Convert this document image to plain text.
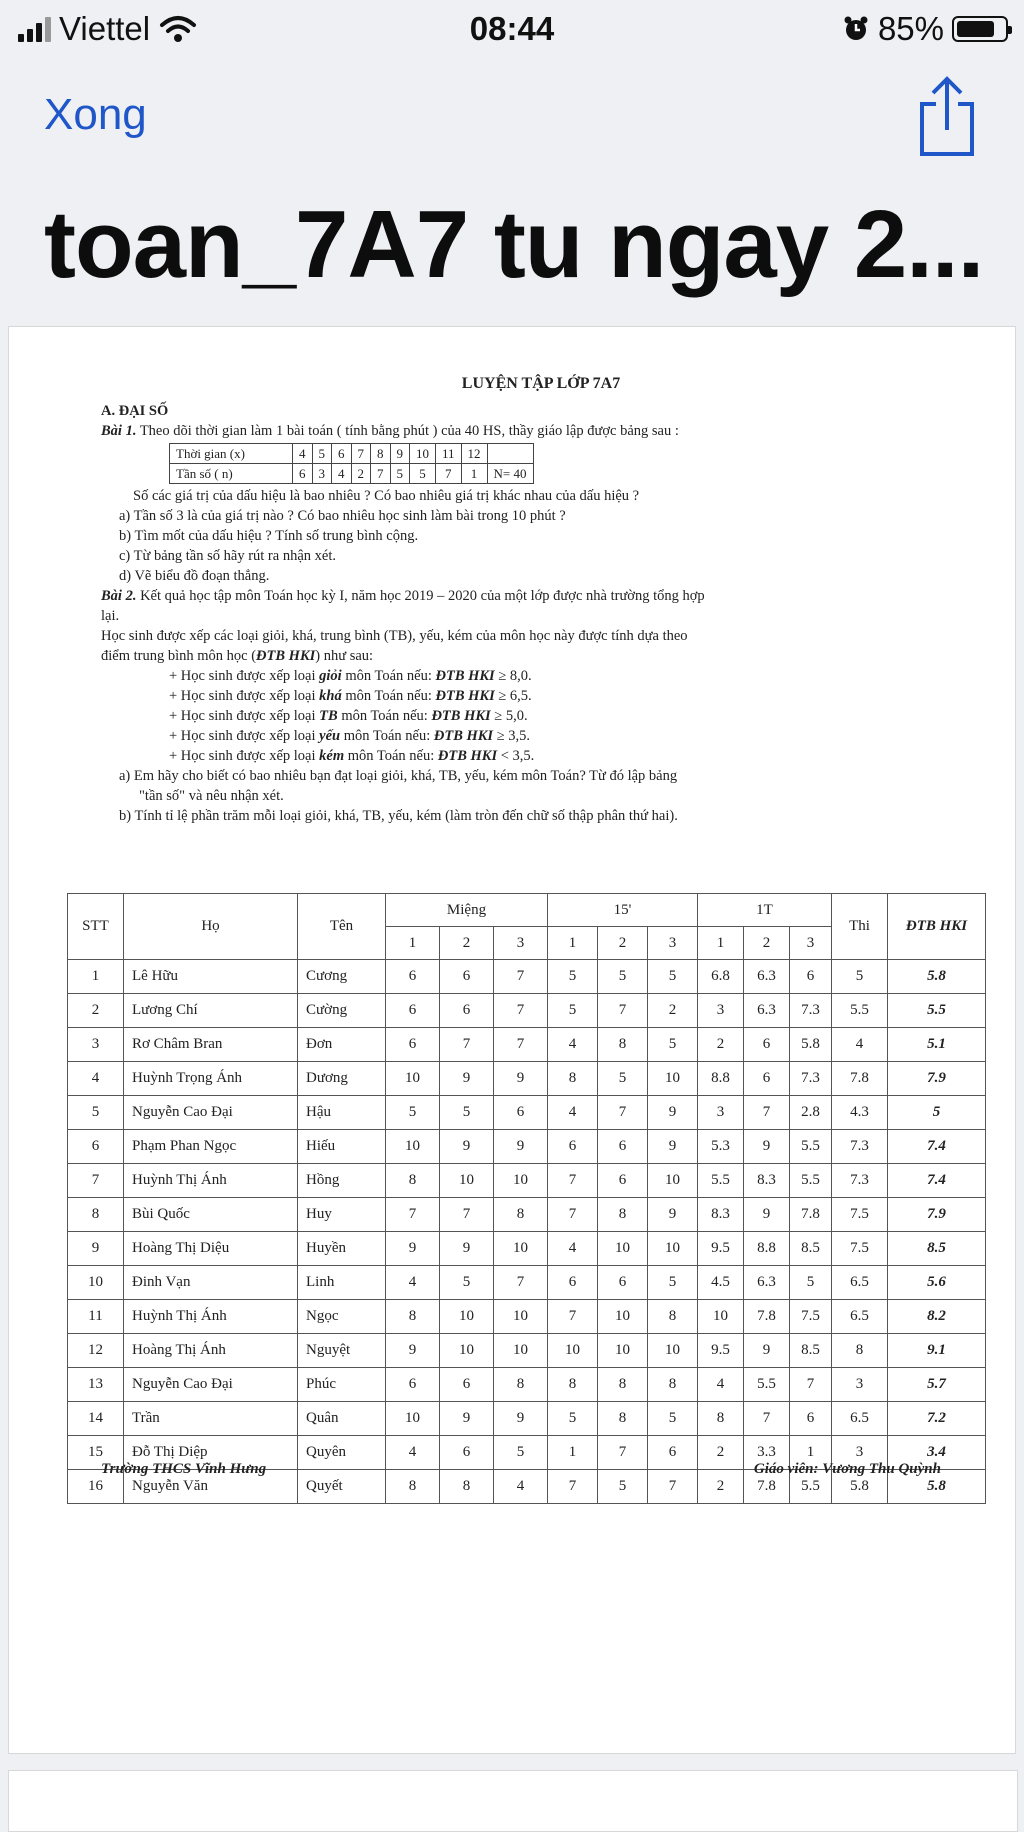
Viettel	08:44	85%
Xong
toan_7A7 tu ngay 2...
LUYỆN TẬP LỚP 7A7
A. ĐẠI SỐ
Bài 1. Theo dõi thời gian làm 1 bài toán ( tính bằng phút ) của 40 HS, thầy giáo lập được bảng sau :
Thời gian (x)	4	5	6	7	8	9	10	11	12	
Tần số ( n)	6	3	4	2	7	5	5	7	1	N= 40
Số các giá trị của dấu hiệu là bao nhiêu ? Có bao nhiêu giá trị khác nhau của dấu hiệu ?
a) Tần số 3 là của giá trị nào ? Có bao nhiêu học sinh làm bài trong 10 phút ?
b) Tìm mốt của dấu hiệu ? Tính số trung bình cộng.
c) Từ bảng tần số hãy rút ra nhận xét.
d) Vẽ biểu đồ đoạn thẳng.
Bài 2. Kết quả học tập môn Toán học kỳ I, năm học 2019 – 2020 của một lớp được nhà trường tổng hợp
lại.
Học sinh được xếp các loại giỏi, khá, trung bình (TB), yếu, kém của môn học này được tính dựa theo
điểm trung bình môn học (ĐTB HKI) như sau:
+ Học sinh được xếp loại giỏi môn Toán nếu: ĐTB HKI ≥ 8,0.
+ Học sinh được xếp loại khá môn Toán nếu: ĐTB HKI ≥ 6,5.
+ Học sinh được xếp loại TB môn Toán nếu: ĐTB HKI ≥ 5,0.
+ Học sinh được xếp loại yếu môn Toán nếu: ĐTB HKI ≥ 3,5.
+ Học sinh được xếp loại kém môn Toán nếu: ĐTB HKI < 3,5.
a) Em hãy cho biết có bao nhiêu bạn đạt loại giỏi, khá, TB, yếu, kém môn Toán? Từ đó lập bảng
"tần số" và nêu nhận xét.
b) Tính tỉ lệ phần trăm mỗi loại giỏi, khá, TB, yếu, kém (làm tròn đến chữ số thập phân thứ hai).
STT	Họ	Tên	Miệng			15'			1T			Thi	ĐTB HKI
			1	2	3	1	2	3	1	2	3		
1	Lê Hữu	Cương	6	6	7	5	5	5	6.8	6.3	6	5	5.8
2	Lương Chí	Cường	6	6	7	5	7	2	3	6.3	7.3	5.5	5.5
3	Rơ Châm Bran	Đơn	6	7	7	4	8	5	2	6	5.8	4	5.1
4	Huỳnh Trọng Ánh	Dương	10	9	9	8	5	10	8.8	6	7.3	7.8	7.9
5	Nguyễn Cao Đại	Hậu	5	5	6	4	7	9	3	7	2.8	4.3	5
6	Phạm Phan Ngọc	Hiếu	10	9	9	6	6	9	5.3	9	5.5	7.3	7.4
7	Huỳnh Thị Ánh	Hồng	8	10	10	7	6	10	5.5	8.3	5.5	7.3	7.4
8	Bùi Quốc	Huy	7	7	8	7	8	9	8.3	9	7.8	7.5	7.9
9	Hoàng Thị Diệu	Huyền	9	9	10	4	10	10	9.5	8.8	8.5	7.5	8.5
10	Đinh Vạn	Linh	4	5	7	6	6	5	4.5	6.3	5	6.5	5.6
11	Huỳnh Thị Ánh	Ngọc	8	10	10	7	10	8	10	7.8	7.5	6.5	8.2
12	Hoàng Thị Ánh	Nguyệt	9	10	10	10	10	10	9.5	9	8.5	8	9.1
13	Nguyễn Cao Đại	Phúc	6	6	8	8	8	8	4	5.5	7	3	5.7
14	Trần	Quân	10	9	9	5	8	5	8	7	6	6.5	7.2
15	Đỗ Thị Diệp	Quyên	4	6	5	1	7	6	2	3.3	1	3	3.4
16	Nguyễn Văn	Quyết	8	8	4	7	5	7	2	7.8	5.5	5.8	5.8
Trường THCS Vĩnh Hưng	Giáo viên: Vương Thu Quỳnh
